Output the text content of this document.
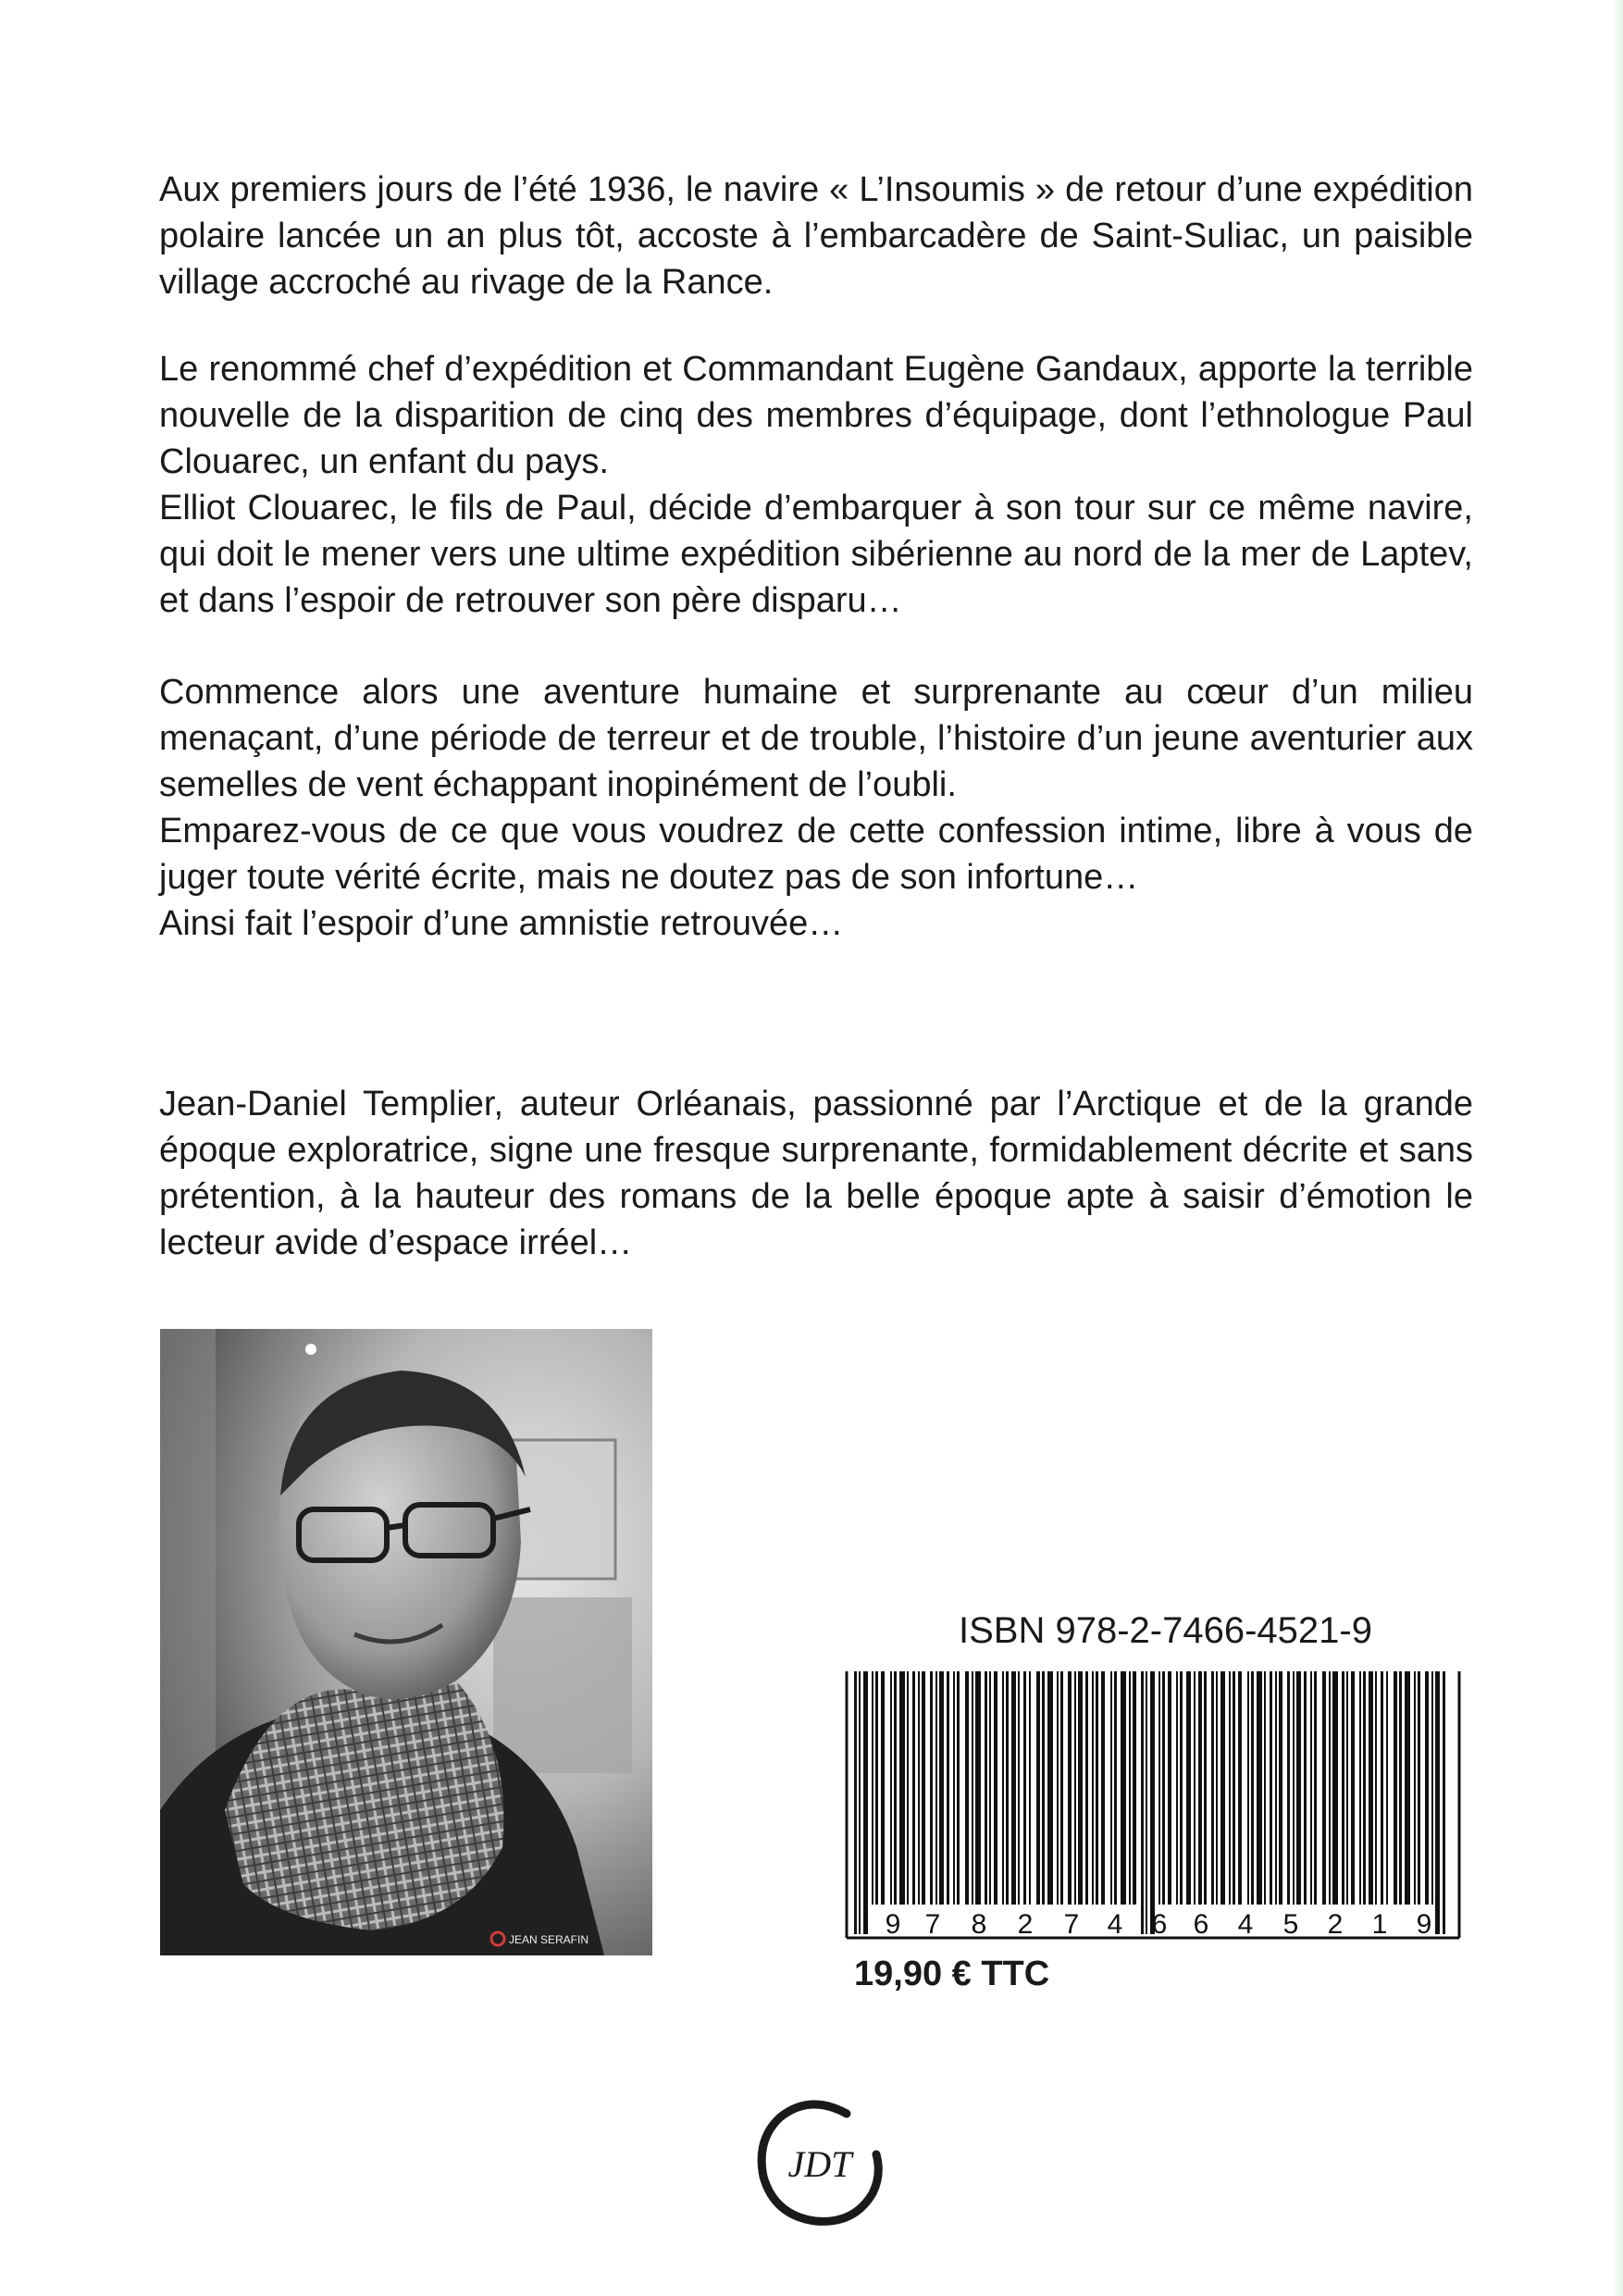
Aux premiers jours de l’été 1936, le navire « L’Insoumis » de retour d’une expédition polaire lancée un an plus tôt, accoste à l’embarcadère de Saint-Suliac, un paisible village accroché au rivage de la Rance.

Le renommé chef d’expédition et Commandant Eugène Gandaux, apporte la terrible nouvelle de la disparition de cinq des membres d’équipage, dont l’ethnologue Paul Clouarec, un enfant du pays.

Elliot Clouarec, le fils de Paul, décide d’embarquer à son tour sur ce même navire, qui doit le mener vers une ultime expédition sibérienne au nord de la mer de Laptev, et dans l’espoir de retrouver son père disparu…

Commence alors une aventure humaine et surprenante au cœur d’un milieu menaçant, d’une période de terreur et de trouble, l’histoire d’un jeune aventurier aux semelles de vent échappant inopinément de l’oubli.

Emparez-vous de ce que vous voudrez de cette confession intime, libre à vous de juger toute vérité écrite, mais ne doutez pas de son infortune…

Ainsi fait l’espoir d’une amnistie retrouvée…

Jean-Daniel Templier, auteur Orléanais, passionné par l’Arctique et de la grande époque exploratrice, signe une fresque surprenante, formidablement décrite et sans prétention, à la hauteur des romans de la belle époque apte à saisir d’émotion le lecteur avide d’espace irréel…

JEAN SERAFIN
ISBN 978-2-7466-4521-9
9 7 8 2 7 4 6 6 4 5 2 1 9
19,90 € TTC
JDT
